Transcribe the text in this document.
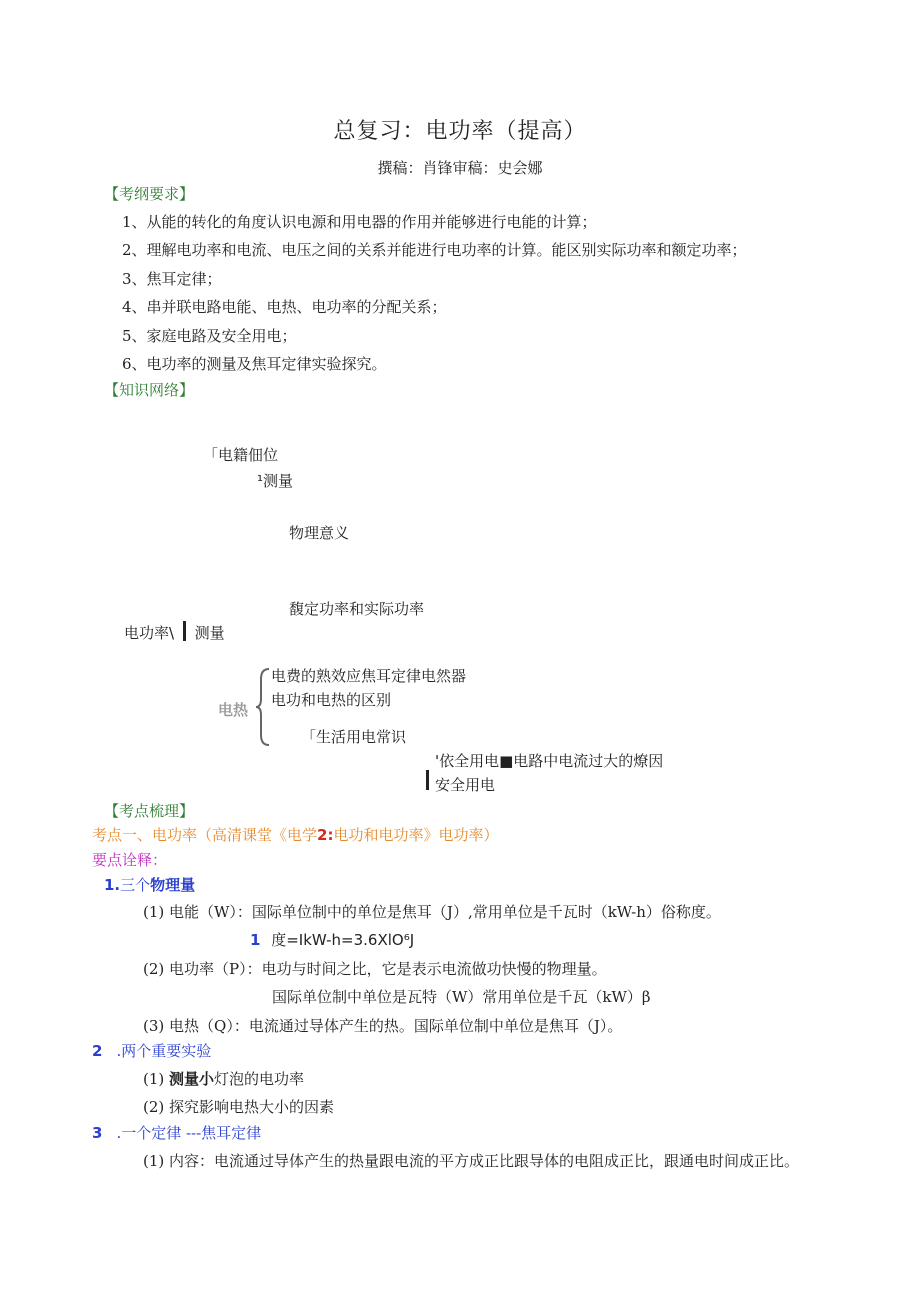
总复习：电功率（提高）
撰稿：肖锋审稿：史会娜
【考纲要求】
1、从能的转化的角度认识电源和用电器的作用并能够进行电能的计算；
2、理解电功率和电流、电压之间的关系并能进行电功率的计算。能区别实际功率和额定功率；
3、焦耳定律；
4、串并联电路电能、电热、电功率的分配关系；
5、家庭电路及安全用电；
6、电功率的测量及焦耳定律实验探究。
【知识网络】
「电籍佃位
¹测量
物理意义
馥定功率和实际功率
电功率\ 测量
电热
电费的熟效应焦耳定律电然器
电功和电热的区别
「生活用电常识
'依全用电■电路中电流过大的燎因
安全用电
【考点梳理】
考点一、电功率（高清课堂《电学2:电功和电功率》电功率）
要点诠释：
1.三个物理量
(1) 电能（W）：国际单位制中的单位是焦耳（J）,常用单位是千瓦时（kW-h）俗称度。
1 度=IkW-h=3.6XlO⁶J
(2) 电功率（P）：电功与时间之比，它是表示电流做功快慢的物理量。
国际单位制中单位是瓦特（W）常用单位是千瓦（kW）β
(3) 电热（Q）：电流通过导体产生的热。国际单位制中单位是焦耳（J）。
2 .两个重要实验
(1) 测量小灯泡的电功率
(2) 探究影响电热大小的因素
3 .一个定律 ---焦耳定律
(1) 内容：电流通过导体产生的热量跟电流的平方成正比跟导体的电阻成正比，跟通电时间成正比。
